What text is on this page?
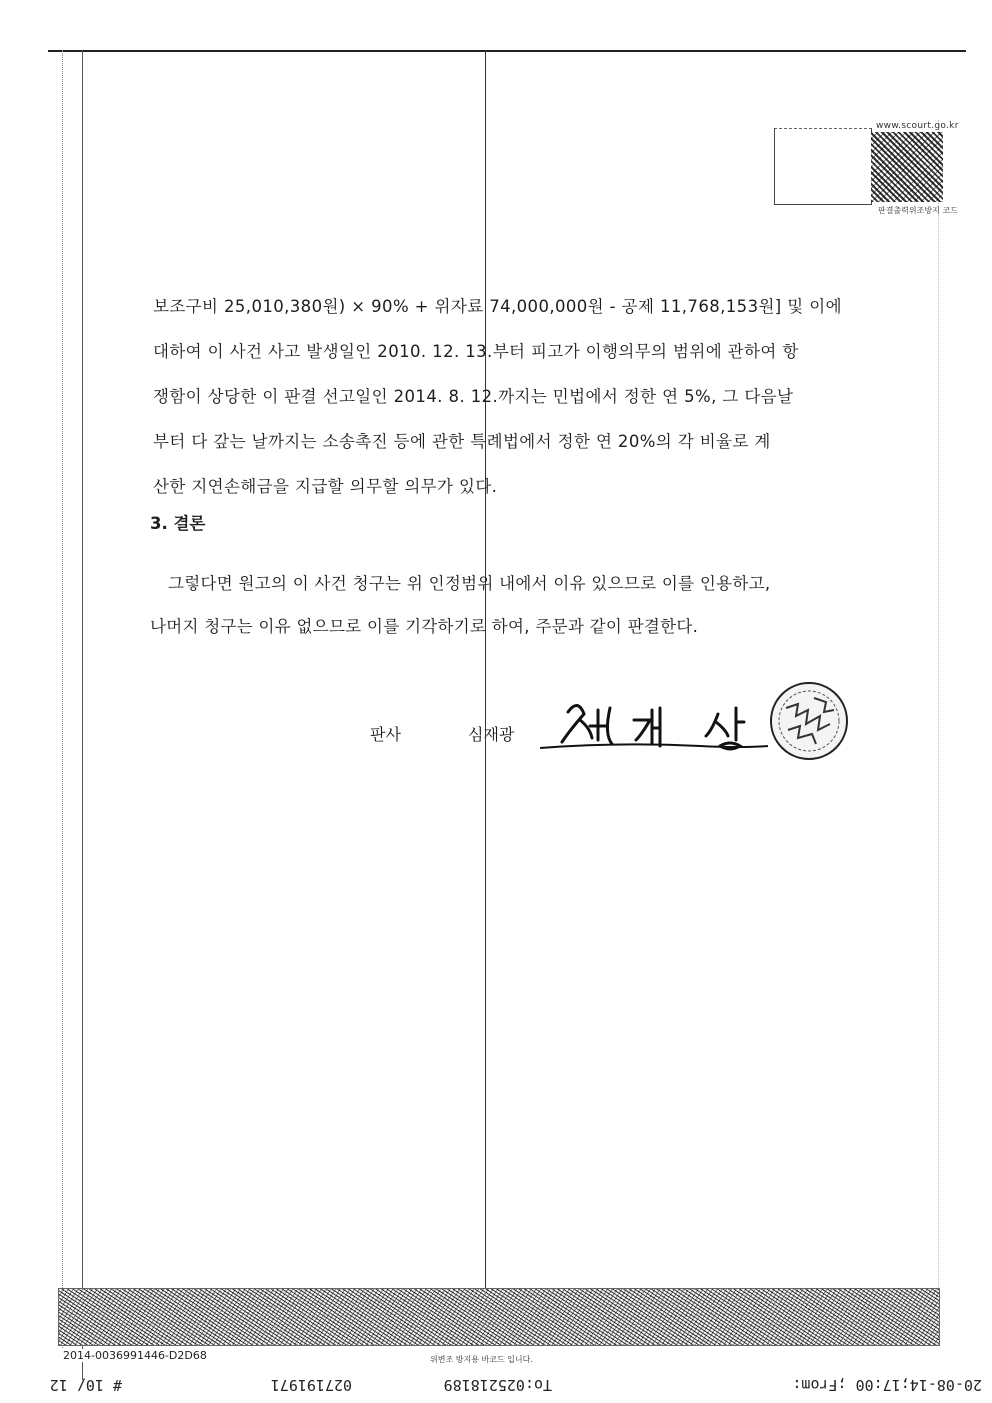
www.scourt.go.kr
판결출력위조방지 코드
보조구비 25,010,380원) × 90% + 위자료 74,000,000원 - 공제 11,768,153원] 및 이에
대하여 이 사건 사고 발생일인 2010. 12. 13.부터 피고가 이행의무의 범위에 관하여 항
쟁함이 상당한 이 판결 선고일인 2014. 8. 12.까지는 민법에서 정한 연 5%, 그 다음날
부터 다 갚는 날까지는 소송촉진 등에 관한 특례법에서 정한 연 20%의 각 비율로 계
산한 지연손해금을 지급할 의무할 의무가 있다.
3. 결론
그렇다면 원고의 이 사건 청구는 위 인정범위 내에서 이유 있으므로 이를 인용하고,
나머지 청구는 이유 없으므로 이를 기각하기로 하여, 주문과 같이 판결한다.
판사	심재광
2014-0036991446-D2D68	위변조 방지용 바코드 입니다.
20-08-14;17:00 ;From:
To:025218189
027191971
# 10/ 12
